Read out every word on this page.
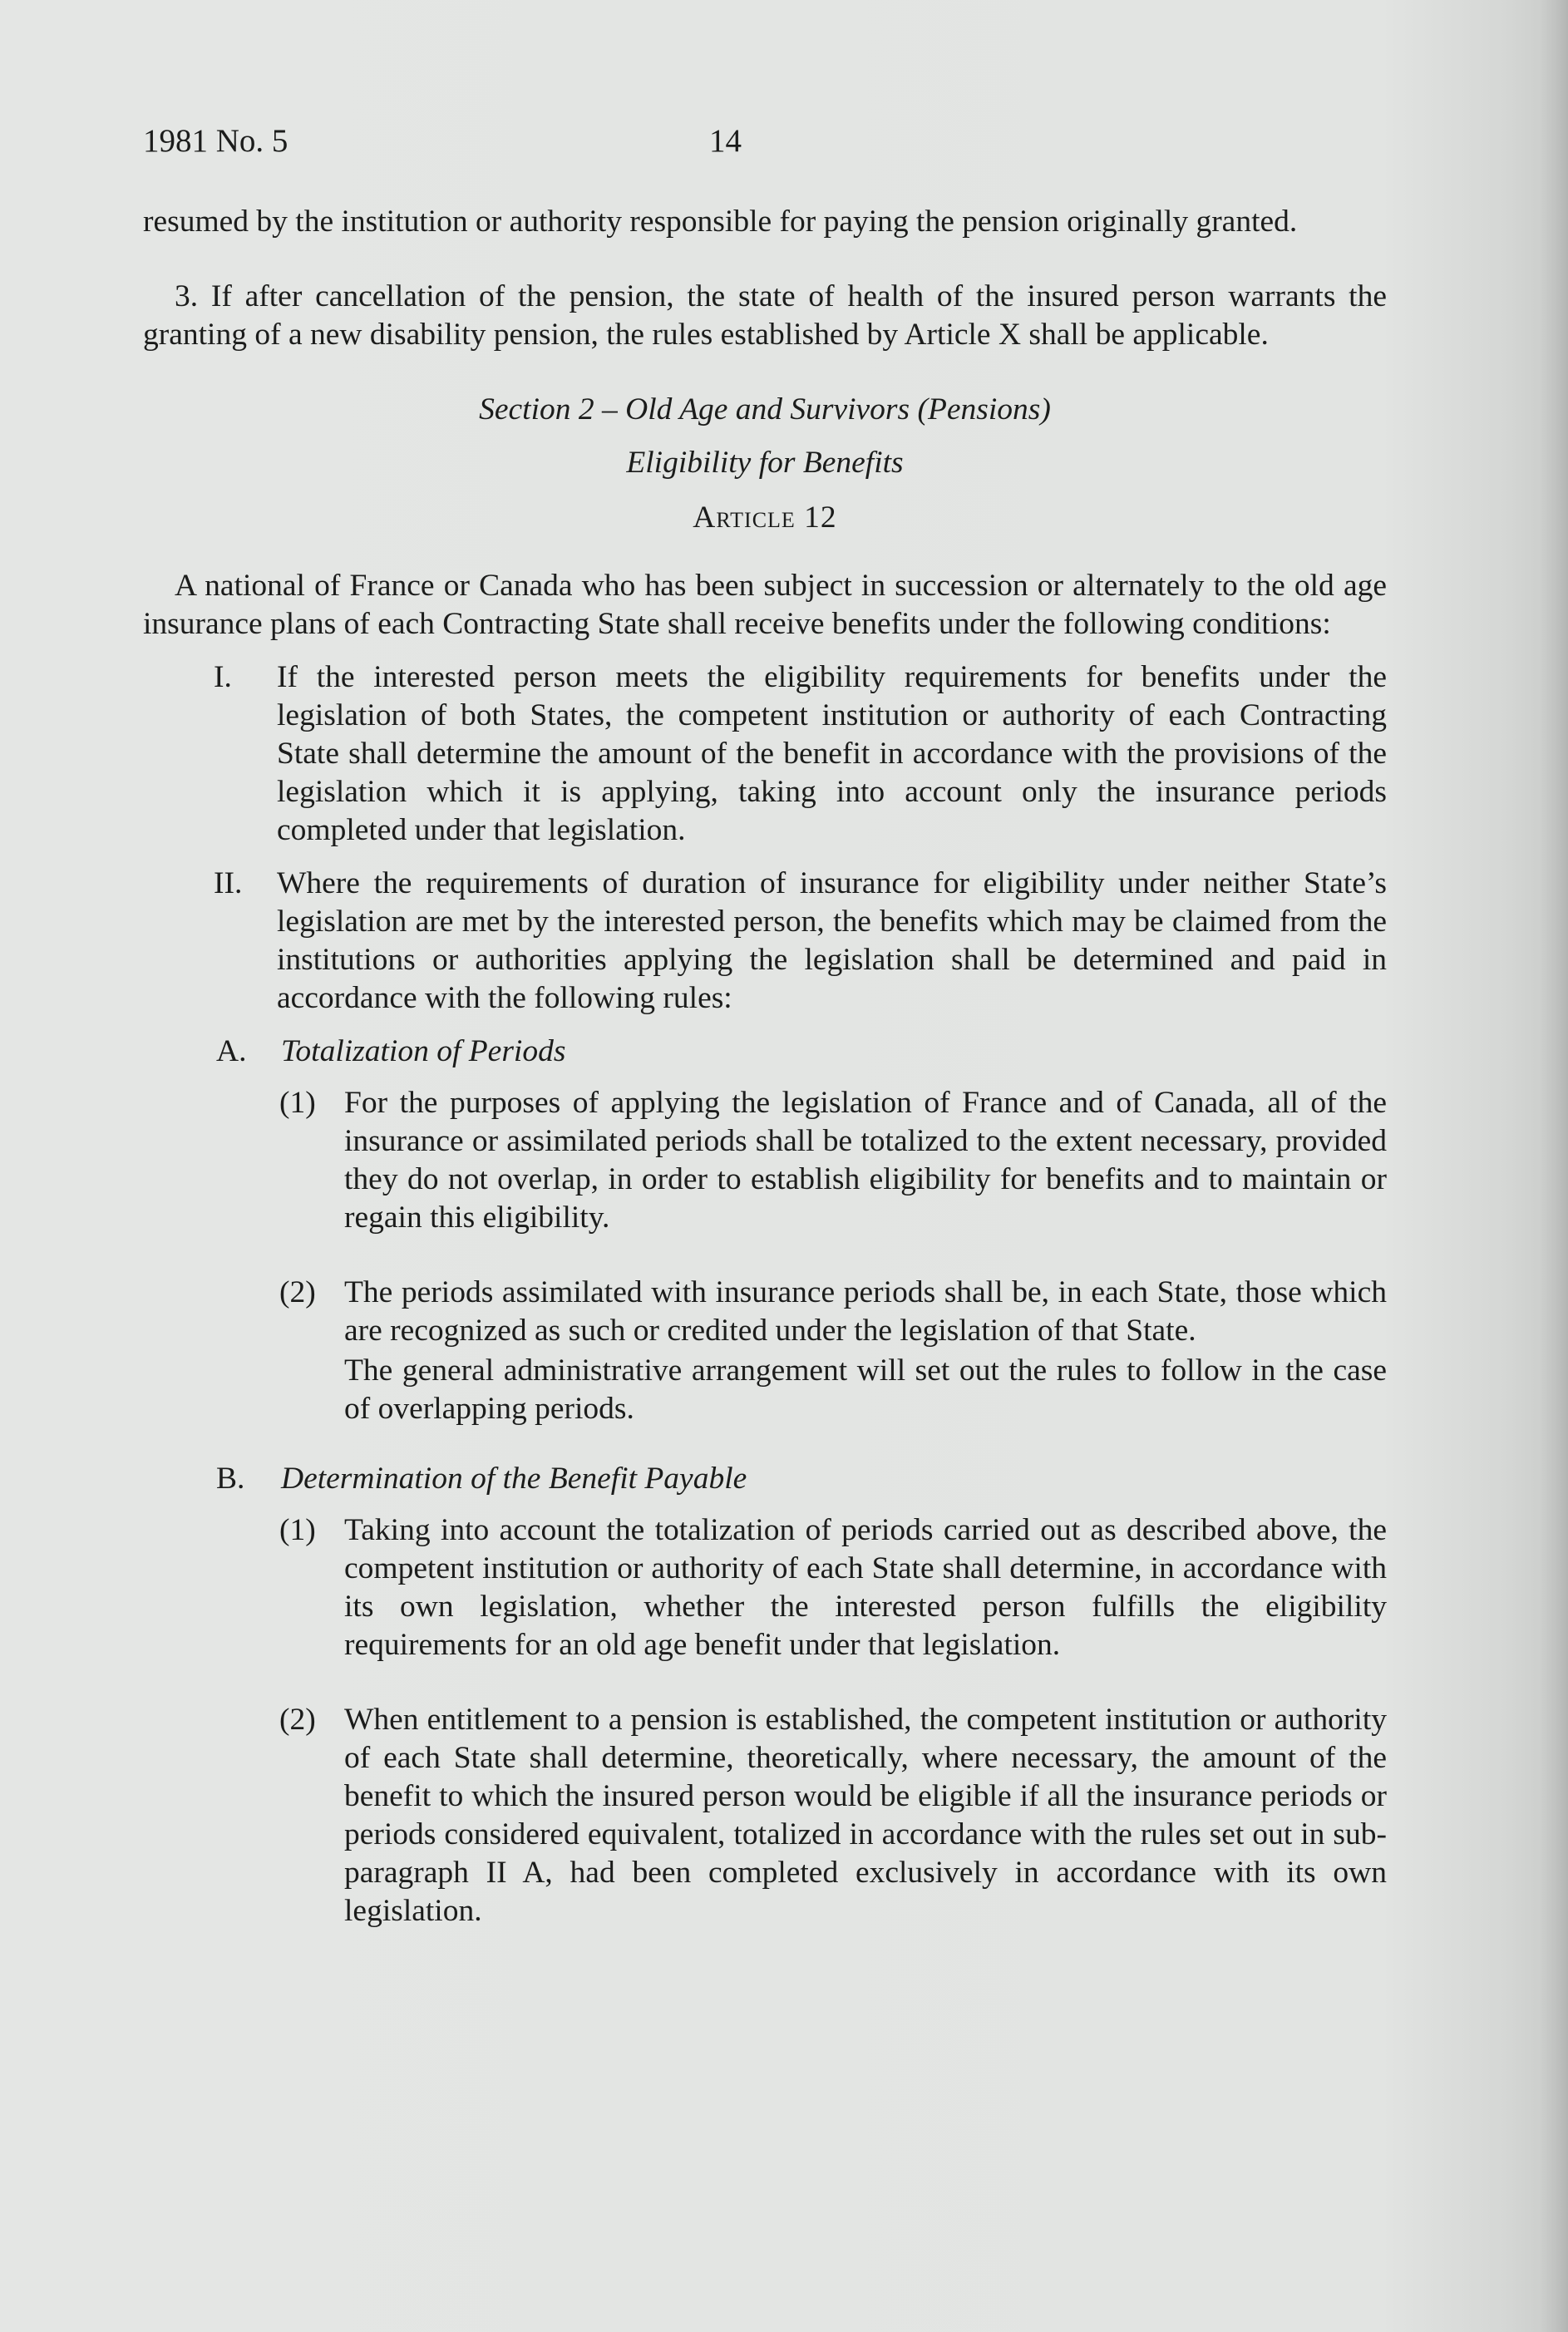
1981 No. 5	14

resumed by the institution or authority responsible for paying the pension originally granted.

3. If after cancellation of the pension, the state of health of the insured person warrants the granting of a new disability pension, the rules established by Article X shall be applicable.

Section 2 – Old Age and Survivors (Pensions)

Eligibility for Benefits

Article 12

A national of France or Canada who has been subject in succession or alternately to the old age insurance plans of each Contracting State shall receive benefits under the following conditions:

I. If the interested person meets the eligibility requirements for benefits under the legislation of both States, the competent institution or authority of each Contracting State shall determine the amount of the benefit in accordance with the provisions of the legislation which it is applying, taking into account only the insurance periods completed under that legislation.

II. Where the requirements of duration of insurance for eligibility under neither State’s legislation are met by the interested person, the benefits which may be claimed from the institutions or authorities applying the legislation shall be determined and paid in accordance with the following rules:

A. Totalization of Periods
(1) For the purposes of applying the legislation of France and of Canada, all of the insurance or assimilated periods shall be totalized to the extent necessary, provided they do not overlap, in order to establish eligibility for benefits and to maintain or regain this eligibility.

(2) The periods assimilated with insurance periods shall be, in each State, those which are recognized as such or credited under the legislation of that State.

The general administrative arrangement will set out the rules to follow in the case of overlapping periods.

B. Determination of the Benefit Payable
(1) Taking into account the totalization of periods carried out as described above, the competent institution or authority of each State shall determine, in accordance with its own legislation, whether the interested person fulfills the eligibility requirements for an old age benefit under that legislation.

(2) When entitlement to a pension is established, the competent institution or authority of each State shall determine, theoretically, where necessary, the amount of the benefit to which the insured person would be eligible if all the insurance periods or periods considered equivalent, totalized in accordance with the rules set out in sub-paragraph II A, had been completed exclusively in accordance with its own legislation.
